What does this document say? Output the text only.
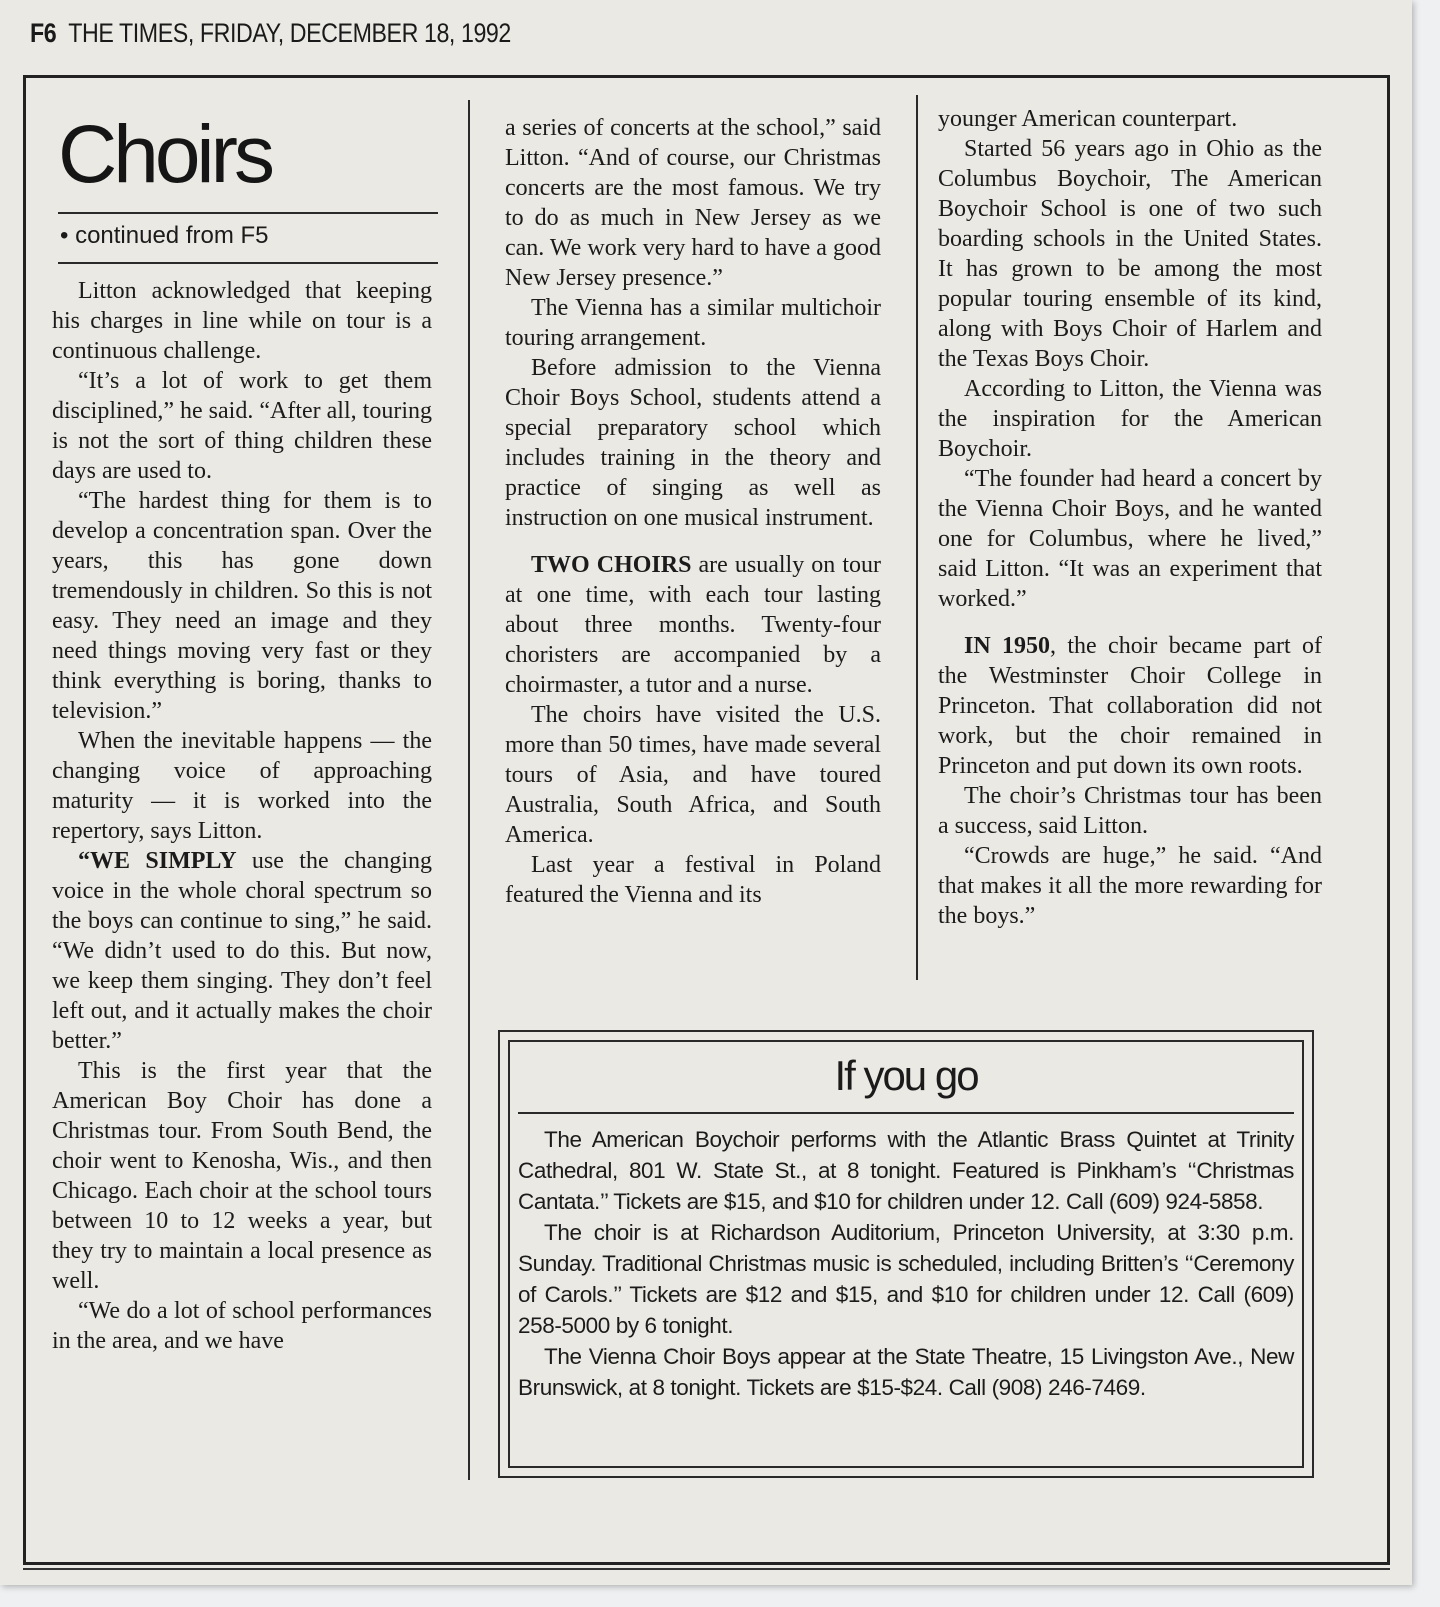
F6 THE TIMES, FRIDAY, DECEMBER 18, 1992
Choirs
• continued from F5

Litton acknowledged that keeping his charges in line while on tour is a continuous challenge.

“It’s a lot of work to get them disciplined,” he said. “After all, touring is not the sort of thing children these days are used to.

“The hardest thing for them is to develop a concentration span. Over the years, this has gone down tremendously in children. So this is not easy. They need an image and they need things moving very fast or they think everything is boring, thanks to television.”

When the inevitable happens — the changing voice of approaching maturity — it is worked into the repertory, says Litton.

“WE SIMPLY use the changing voice in the whole choral spectrum so the boys can continue to sing,” he said. “We didn’t used to do this. But now, we keep them singing. They don’t feel left out, and it actually makes the choir better.”

This is the first year that the American Boy Choir has done a Christmas tour. From South Bend, the choir went to Kenosha, Wis., and then Chicago. Each choir at the school tours between 10 to 12 weeks a year, but they try to maintain a local presence as well.

“We do a lot of school performances in the area, and we have

a series of concerts at the school,” said Litton. “And of course, our Christmas concerts are the most famous. We try to do as much in New Jersey as we can. We work very hard to have a good New Jersey presence.”

The Vienna has a similar multichoir touring arrangement.

Before admission to the Vienna Choir Boys School, students attend a special preparatory school which includes training in the theory and practice of singing as well as instruction on one musical instrument.

TWO CHOIRS are usually on tour at one time, with each tour lasting about three months. Twenty-four choristers are accompanied by a choirmaster, a tutor and a nurse.

The choirs have visited the U.S. more than 50 times, have made several tours of Asia, and have toured Australia, South Africa, and South America.

Last year a festival in Poland featured the Vienna and its

younger American counterpart.

Started 56 years ago in Ohio as the Columbus Boychoir, The American Boychoir School is one of two such boarding schools in the United States. It has grown to be among the most popular touring ensemble of its kind, along with Boys Choir of Harlem and the Texas Boys Choir.

According to Litton, the Vienna was the inspiration for the American Boychoir.

“The founder had heard a concert by the Vienna Choir Boys, and he wanted one for Columbus, where he lived,” said Litton. “It was an experiment that worked.”

IN 1950, the choir became part of the Westminster Choir College in Princeton. That collaboration did not work, but the choir remained in Princeton and put down its own roots.

The choir’s Christmas tour has been a success, said Litton.

“Crowds are huge,” he said. “And that makes it all the more rewarding for the boys.”

If you go

The American Boychoir performs with the Atlantic Brass Quintet at Trinity Cathedral, 801 W. State St., at 8 tonight. Featured is Pinkham’s ‘‘Christmas Cantata.’’ Tickets are $15, and $10 for children under 12. Call (609) 924-5858.

The choir is at Richardson Auditorium, Princeton University, at 3:30 p.m. Sunday. Traditional Christmas music is scheduled, including Britten’s ‘‘Ceremony of Carols.’’ Tickets are $12 and $15, and $10 for children under 12. Call (609) 258-5000 by 6 tonight.

The Vienna Choir Boys appear at the State Theatre, 15 Livingston Ave., New Brunswick, at 8 tonight. Tickets are $15-$24. Call (908) 246-7469.
